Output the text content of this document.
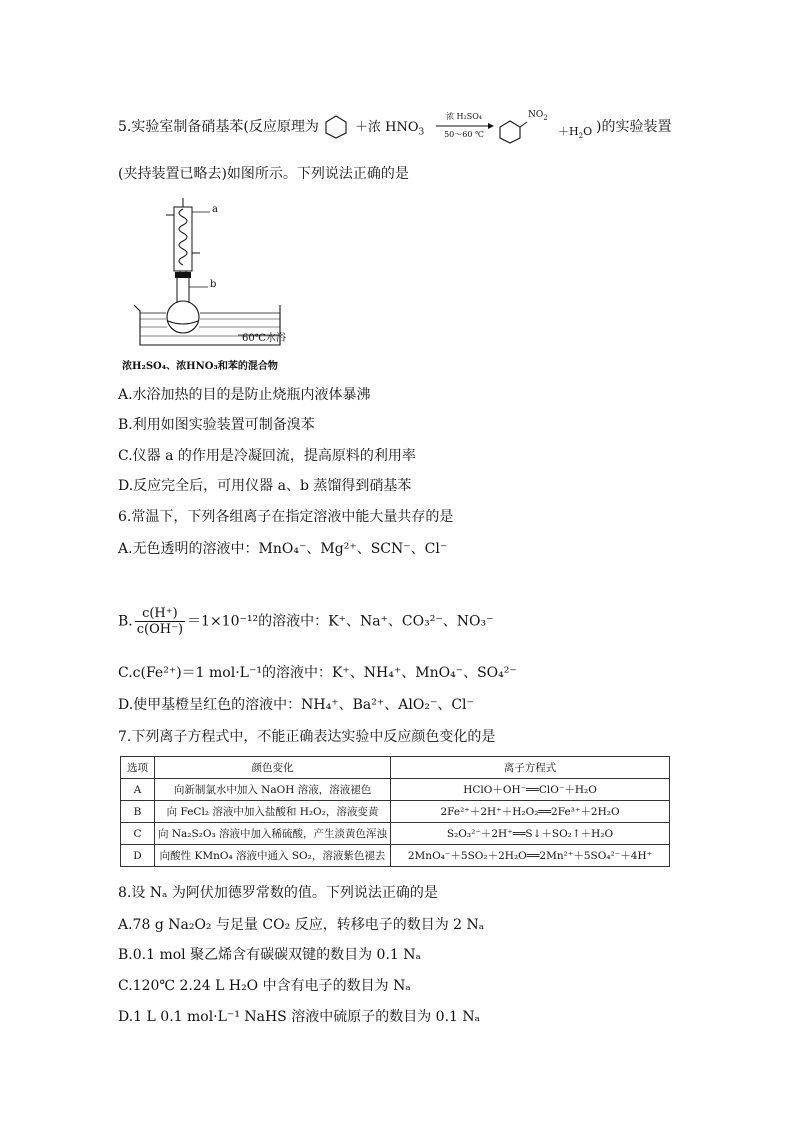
5.实验室制备硝基苯(反应原理为	＋浓 $HNO_3$
浓 H₂SO₄
50～60 ℃
$NO_2$
$+H_2O$ )的实验装置
(夹持装置已略去)如图所示。下列说法正确的是
a
b
60℃水浴
浓H₂SO₄、浓HNO₃和苯的混合物
A.水浴加热的目的是防止烧瓶内液体暴沸
B.利用如图实验装置可制备溴苯
C.仪器 a 的作用是冷凝回流，提高原料的利用率
D.反应完全后，可用仪器 a、b 蒸馏得到硝基苯
6.常温下，下列各组离子在指定溶液中能大量共存的是
A.无色透明的溶液中：MnO₄⁻、Mg²⁺、SCN⁻、Cl⁻
B. $\frac{c(H^+)}{c(OH^-)} =1\times 10^{-12}$的溶液中：K⁺、Na⁺、CO₃²⁻、NO₃⁻
C.c(Fe²⁺)＝1 mol·L⁻¹的溶液中：K⁺、NH₄⁺、MnO₄⁻、SO₄²⁻
D.使甲基橙呈红色的溶液中：NH₄⁺、Ba²⁺、AlO₂⁻、Cl⁻
7.下列离子方程式中，不能正确表达实验中反应颜色变化的是
选项	颜色变化	离子方程式
A	向新制氯水中加入 NaOH 溶液，溶液褪色	HClO＋OH⁻══ClO⁻＋H₂O
B	向 FeCl₂ 溶液中加入盐酸和 H₂O₂，溶液变黄	2Fe²⁺＋2H⁺＋H₂O₂══2Fe³⁺＋2H₂O
C	向 Na₂S₂O₃ 溶液中加入稀硫酸，产生淡黄色浑浊	S₂O₃²⁻＋2H⁺══S↓＋SO₂↑＋H₂O
D	向酸性 KMnO₄ 溶液中通入 SO₂，溶液紫色褪去	2MnO₄⁻＋5SO₂＋2H₂O══2Mn²⁺＋5SO₄²⁻＋4H⁺
8.设 Nₐ 为阿伏加德罗常数的值。下列说法正确的是
A.78 g Na₂O₂ 与足量 CO₂ 反应，转移电子的数目为 2 Nₐ
B.0.1 mol 聚乙烯含有碳碳双键的数目为 0.1 Nₐ
C.120℃ 2.24 L H₂O 中含有电子的数目为 Nₐ
D.1 L 0.1 mol·L⁻¹ NaHS 溶液中硫原子的数目为 0.1 Nₐ
